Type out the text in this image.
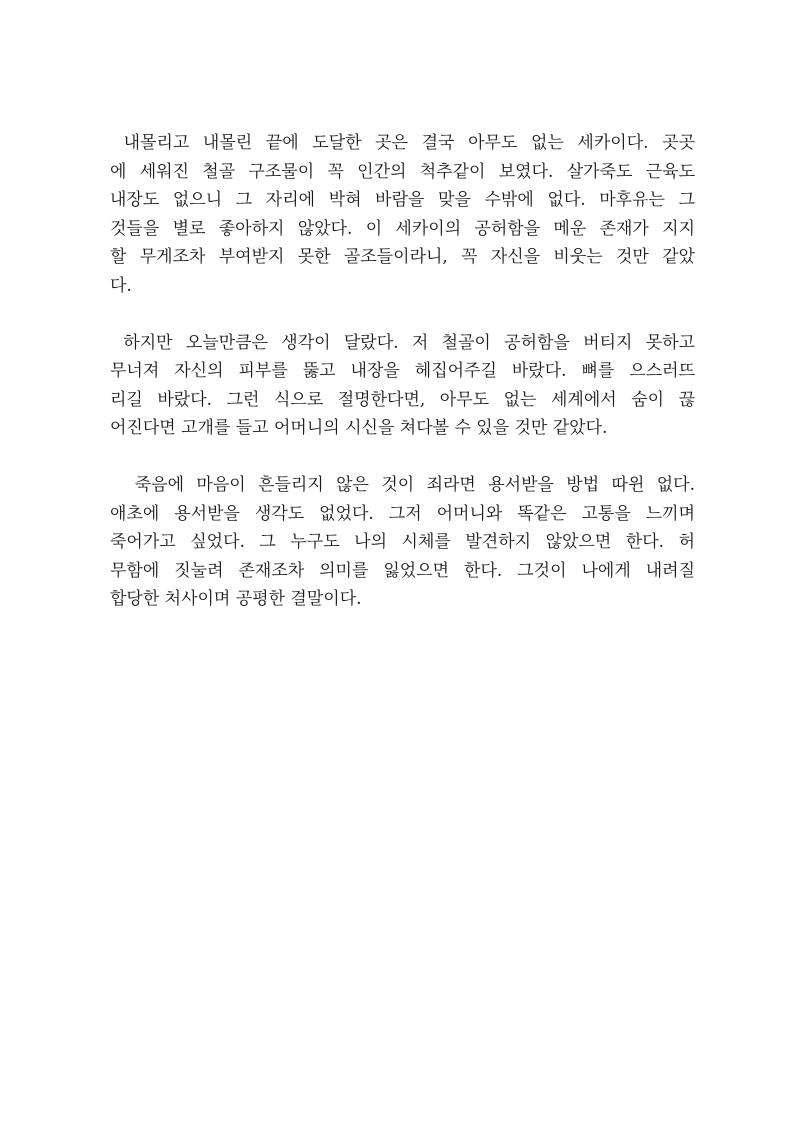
내몰리고 내몰린 끝에 도달한 곳은 결국 아무도 없는 세카이다. 곳곳
에 세워진 철골 구조물이 꼭 인간의 척추같이 보였다. 살가죽도 근육도
내장도 없으니 그 자리에 박혀 바람을 맞을 수밖에 없다. 마후유는 그
것들을 별로 좋아하지 않았다. 이 세카이의 공허함을 메운 존재가 지지
할 무게조차 부여받지 못한 골조들이라니, 꼭 자신을 비웃는 것만 같았
다.

하지만 오늘만큼은 생각이 달랐다. 저 철골이 공허함을 버티지 못하고
무너져 자신의 피부를 뚫고 내장을 헤집어주길 바랐다. 뼈를 으스러뜨
리길 바랐다. 그런 식으로 절명한다면, 아무도 없는 세계에서 숨이 끊
어진다면 고개를 들고 어머니의 시신을 쳐다볼 수 있을 것만 같았다.

죽음에 마음이 흔들리지 않은 것이 죄라면 용서받을 방법 따윈 없다.
애초에 용서받을 생각도 없었다. 그저 어머니와 똑같은 고통을 느끼며
죽어가고 싶었다. 그 누구도 나의 시체를 발견하지 않았으면 한다. 허
무함에 짓눌려 존재조차 의미를 잃었으면 한다. 그것이 나에게 내려질
합당한 처사이며 공평한 결말이다.
